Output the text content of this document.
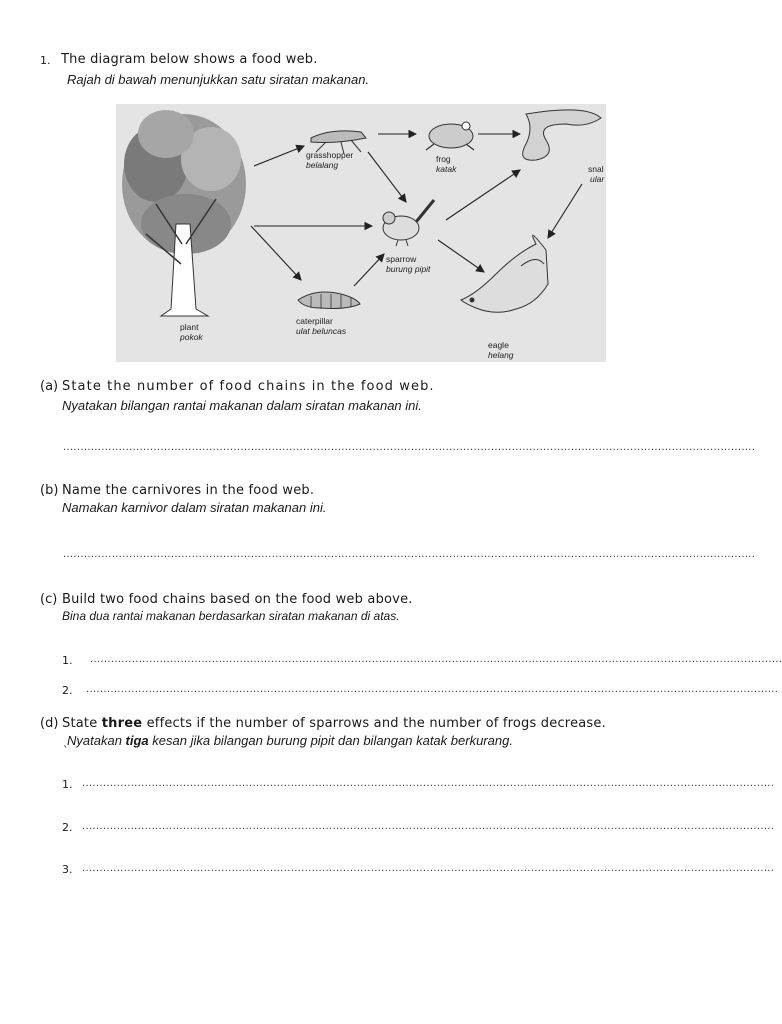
1. The diagram below shows a food web.
Rajah di bawah menunjukkan satu siratan makanan.
grasshopper
belalang
frog
katak	snal
ular
sparrow
burung pipit
plant
pokok
caterpillar
ulat beluncas
eagle
helang
(a) State the number of food chains in the food web.
Nyatakan bilangan rantai makanan dalam siratan makanan ini.
.......................................................................................................................................................................................................
(b) Name the carnivores in the food web.
Namakan karnivor dalam siratan makanan ini.
.......................................................................................................................................................................................................
(c) Build two food chains based on the food web above.
Bina dua rantai makanan berdasarkan siratan makanan di atas.
1. .......................................................................................................................................................................................................
2. .......................................................................................................................................................................................................
(d) State three effects if the number of sparrows and the number of frogs decrease.
Nyatakan tiga kesan jika bilangan burung pipit dan bilangan katak berkurang.
`
1. .......................................................................................................................................................................................................
2. .......................................................................................................................................................................................................
3. .......................................................................................................................................................................................................
